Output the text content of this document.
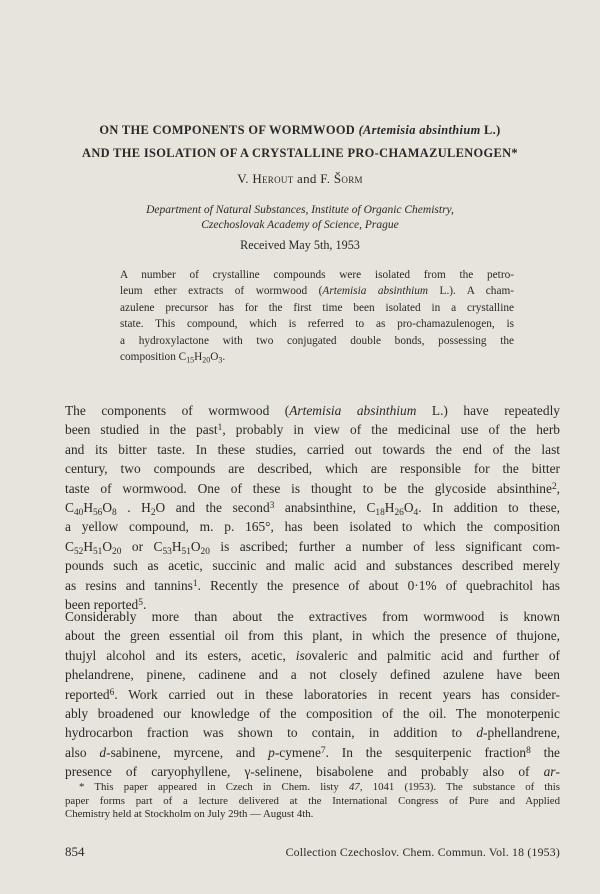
ON THE COMPONENTS OF WORMWOOD (Artemisia absinthium L.)
AND THE ISOLATION OF A CRYSTALLINE PRO-CHAMAZULENOGEN*

V. Herout and F. Šorm

Department of Natural Substances, Institute of Organic Chemistry,
Czechoslovak Academy of Science, Prague

Received May 5th, 1953

A number of crystalline compounds were isolated from the petro-
leum ether extracts of wormwood (Artemisia absinthium L.). A cham-
azulene precursor has for the first time been isolated in a crystalline
state. This compound, which is referred to as pro-chamazulenogen, is
a hydroxylactone with two conjugated double bonds, possessing the
composition $C_{15}H_{20}O_3$.

The components of wormwood (Artemisia absinthium L.) have repeatedly
been studied in the past$^1$, probably in view of the medicinal use of the herb
and its bitter taste. In these studies, carried out towards the end of the last
century, two compounds are described, which are responsible for the bitter
taste of wormwood. One of these is thought to be the glycoside absinthine$^2$,
$C_{40}H_{56}O_8$ . $H_2O$ and the second$^3$ anabsinthine, $C_{18}H_{26}O_4$. In addition to these,
a yellow compound, m. p. 165°, has been isolated to which the composition
$C_{52}H_{51}O_{20}$ or $C_{53}H_{51}O_{20}$ is ascribed; further a number of less significant com-
pounds such as acetic, succinic and malic acid and substances described merely
as resins and tannins$^1$. Recently the presence of about 0·1% of quebrachitol has
been reported$^5$.

Considerably more than about the extractives from wormwood is known
about the green essential oil from this plant, in which the presence of thujone,
thujyl alcohol and its esters, acetic, isovaleric and palmitic acid and further of
phelandrene, pinene, cadinene and a not closely defined azulene have been
reported$^6$. Work carried out in these laboratories in recent years has consider-
ably broadened our knowledge of the composition of the oil. The monoterpenic
hydrocarbon fraction was shown to contain, in addition to d-phellandrene,
also d-sabinene, myrcene, and p-cymene$^7$. In the sesquiterpenic fraction$^8$ the
presence of caryophyllene, γ-selinene, bisabolene and probably also of ar-

* This paper appeared in Czech in Chem. listy 47, 1041 (1953). The substance of this
paper forms part of a lecture delivered at the International Congress of Pure and Applied
Chemistry held at Stockholm on July 29th — August 4th.

854	Collection Czechoslov. Chem. Commun. Vol. 18 (1953)
